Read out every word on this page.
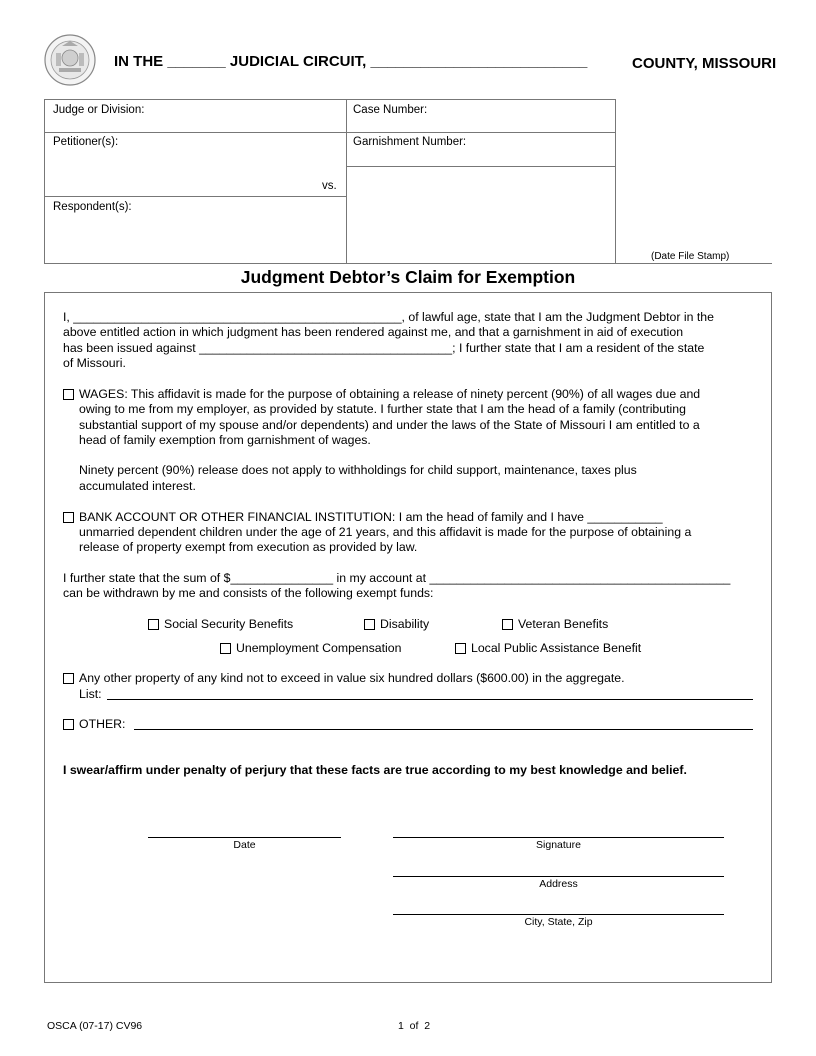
IN THE _______ JUDICIAL CIRCUIT, __________________________	COUNTY, MISSOURI
Judge or Division:	Case Number:
Petitioner(s):	Garnishment Number:
vs.
Respondent(s):
(Date File Stamp)
Judgment Debtor’s Claim for Exemption
I, ________________________________________________, of lawful age, state that I am the Judgment Debtor in the
above entitled action in which judgment has been rendered against me, and that a garnishment in aid of execution
has been issued against _____________________________________; I further state that I am a resident of the state
of Missouri.
WAGES: This affidavit is made for the purpose of obtaining a release of ninety percent (90%) of all wages due and
owing to me from my employer, as provided by statute. I further state that I am the head of a family (contributing
substantial support of my spouse and/or dependents) and under the laws of the State of Missouri I am entitled to a
head of family exemption from garnishment of wages.
Ninety percent (90%) release does not apply to withholdings for child support, maintenance, taxes plus
accumulated interest.
BANK ACCOUNT OR OTHER FINANCIAL INSTITUTION: I am the head of family and I have ___________
unmarried dependent children under the age of 21 years, and this affidavit is made for the purpose of obtaining a
release of property exempt from execution as provided by law.
I further state that the sum of $_______________ in my account at ____________________________________________
can be withdrawn by me and consists of the following exempt funds:
Social Security Benefits	Disability	Veteran Benefits
Unemployment Compensation	Local Public Assistance Benefit
Any other property of any kind not to exceed in value six hundred dollars ($600.00) in the aggregate.
List:
OTHER:
I swear/affirm under penalty of perjury that these facts are true according to my best knowledge and belief.
Date	Signature
Address
City, State, Zip
OSCA (07-17) CV96	1  of  2
